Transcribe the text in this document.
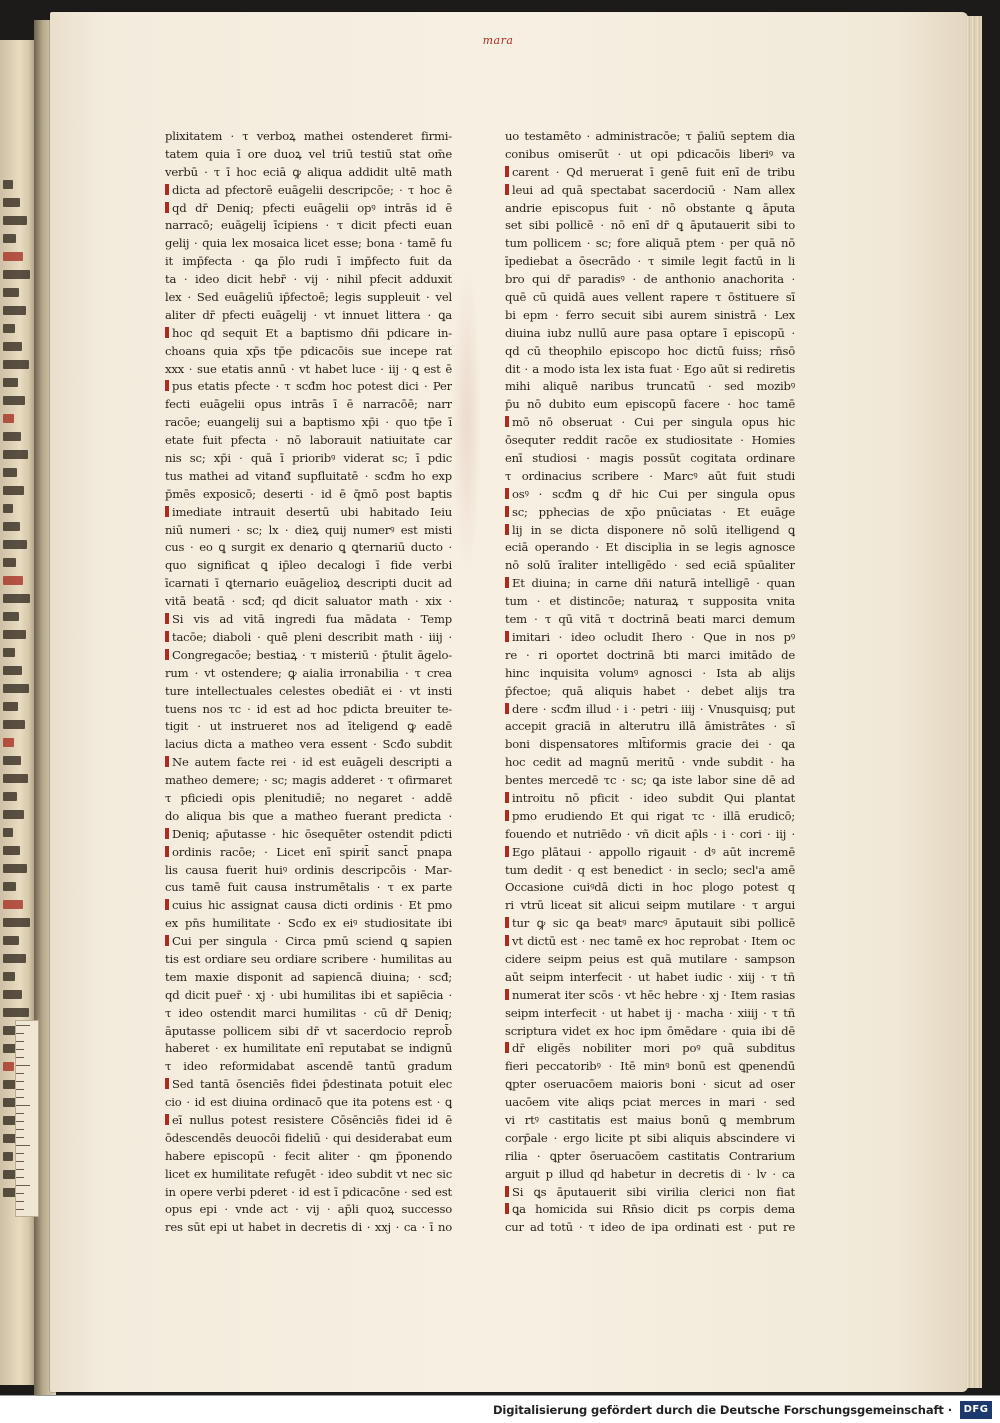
mara
plixitatem · τ verboꝝ mathei ostenderet firmi-
tatem quia ī ore duoꝝ vel triū testiū stat om̄e
verbū · τ ī hoc eciā ꝙ aliqua addidit ultē math
dicta ad pfectorē euāgelii descripcōe; · τ hoc ē
qd dr̄ Deniq; pfecti euāgelii opꝰ intrās id ē
narracō; euāgelij īcipiens · τ dicit pfecti euan
gelij · quia lex mosaica licet esse; bona · tamē fu
it imp̄fecta · ꝗa p̄lo rudi ī imp̄fecto fuit da
ta · ideo dicit hebr̄ · vij · nihil pfecit adduxit
lex · Sed euāgeliū ip̄fectoē; legis suppleuit · vel
aliter dr̄ pfecti euāgelij · vt innuet littera · ꝗa
hoc qd sequit Et a baptismo dñi pdicare in-
choans quia xp̄s tp̄e pdicacōis sue incepe rat
xxx · sue etatis annū · vt habet luce · iij · ꝗ est ē
pus etatis pfecte · τ scđm hoc potest dici · Per
fecti euāgelii opus intrās ī ē narracōē; narr
racōe; euangelij sui a baptismo xp̄i · quo tp̄e ī
etate fuit pfecta · nō laborauit natiuitate car
nis sc; xp̄i · quā ī prioribꝰ viderat sc; ī pdic
tus mathei ad vitanđ supfluitatē · scđm ho exp
p̄mēs exposicō; deserti · id ē q̄mō post baptis
imediate intrauit desertū ubi habitado Ieiu
niū numeri · sc; lx · dieꝝ quij numerꝰ est misti
cus · eo ꝗ surgit ex denario ꝗ ꝗternariū ducto ·
quo significat ꝗ ip̄leo decalogi ī fide verbi
īcarnati ī ꝗternario euāgelioꝝ descripti ducit ad
vitā beatā · scđ; qd dicit saluator math · xix ·
Si vis ad vitā ingredi fua mādata · Temp
tacōe; diaboli · quē pleni describit math · iiij ·
Congregacōe; bestiaꝝ · τ misteriū · p̄tulit āgelo-
rum · vt ostendere; ꝙ aialia irronabilia · τ crea
ture intellectuales celestes obediāt ei · vt insti
tuens nos τc · id est ad hoc pdicta breuiter te-
tigit · ut instrueret nos ad īteligend ꝙ eadē
lacius dicta a matheo vera essent · Scđo subdit
Ne autem facte rei · id est euāgeli descripti a
matheo demere; · sc; magis adderet · τ ofirmaret
τ pficiedi opis plenitudiē; no negaret · addē
do aliqua bis que a matheo fuerant predicta ·
Deniq; ap̄utasse · hic ōsequēter ostendit pdicti
ordinis racōe; · Licet enī spirit̄ sanct̄ pnapa
lis causa fuerit huiꝰ ordinis descripcōis · Mar-
cus tamē fuit causa instrumētalis · τ ex parte
cuius hic assignat causa dicti ordinis · Et pmo
ex pn̄s humilitate · Scđo ex eiꝰ studiositate ibi
Cui per singula · Circa pmū sciend ꝗ sapien
tis est ordiare seu ordiare scribere · humilitas au
tem maxie disponit ad sapiencā diuina; · scđ;
qd dicit puer̄ · xj · ubi humilitas ibi et sapiēcia ·
τ ideo ostendit marci humilitas · cū dr̄ Deniq;
āputasse pollicem sibi dr̄ vt sacerdocio reprob̄
haberet · ex humilitate enī reputabat se indignū
τ ideo reformidabat ascendē tantū gradum
Sed tantā ōsenciēs fidei p̄destinata potuit elec
cio · id est diuina ordinacō que ita potens est · ꝗ
eī nullus potest resistere Cōsēnciēs fidei id ē
ōdescendēs deuocōi fideliū · qui desiderabat eum
habere episcopū · fecit aliter · ꝗm p̄ponendo
licet ex humilitate refugēt · ideo subdit vt nec sic
in opere verbi pderet · id est ī pdicacōne · sed est
opus epi · vnde act · vij · ap̄li quoꝝ successo
res sūt epi ut habet in decretis di · xxj · ca · ī no
uo testamēto · administracōe; τ p̄aliū septem dia
conibus omiserūt · ut opi pdicacōis liberiꝰ va
carent · Qd meruerat ī genē fuit enī de tribu
leui ad quā spectabat sacerdociū · Nam allex
andrie episcopus fuit · nō obstante ꝗ āputa
set sibi pollicē · nō enī dr̄ ꝗ āputauerit sibi to
tum pollicem · sc; fore aliquā ptem · per quā nō
īpediebat a ōsecrādo · τ simile legit factū in li
bro qui dr̄ paradisꝰ · de anthonio anachorita ·
quē cū quidā aues vellent rapere τ ōstituere sī
bi epm · ferro secuit sibi aurem sinistrā · Lex
diuina iubz nullū aure pasa optare ī episcopū ·
qd cū theophilo episcopo hoc dictū fuiss; rn̄sō
dit · a modo ista lex ista fuat · Ego aūt si rediretis
mihi aliquē naribus truncatū · sed mozibꝰ
p̄u nō dubito eum episcopū facere · hoc tamē
mō nō obseruat · Cui per singula opus hic
ōsequter reddit racōe ex studiositate · Homies
enī studiosi · magis possūt cogitata ordinare
τ ordinacius scribere · Marcꝰ aūt fuit studi
osꝰ · scđm ꝗ dr̄ hic Cui per singula opus
sc; pphecias de xp̄o pnūciatas · Et euāge
lij in se dicta disponere nō solū itelligend ꝗ
eciā operando · Et disciplia in se legis agnosce
nō solū īraliter intelligēdo · sed eciā spūaliter
Et diuina; in carne dñi naturā intelligē · quan
tum · et distincōe; naturaꝝ τ supposita vnita
tem · τ qū vitā τ doctrinā beati marci demum
imitari · ideo ocludit Ihero · Que in nos pꝰ
re · ri oportet doctrinā bti marci imitādo de
hinc inquisita volumꝰ agnosci · Ista ab alijs
p̄fectoe; quā aliquis habet · debet alijs tra
dere · scđm illud · i · petri · iiij · Vnusquisq; put
accepit graciā in alterutru illā āmistrātes · sī
boni dispensatores mlt̄iformis gracie dei · ꝗa
hoc cedit ad magnū meritū · vnde subdit · ha
bentes mercedē τc · sc; ꝗa iste labor sine dē ad
introitu nō pficit · ideo subdit Qui plantat
pmo erudiendo Et qui rigat τc · illā erudicō;
fouendo et nutriēdo · vñ dicit ap̄ls · i · cori · iij ·
Ego plātaui · appollo rigauit · dꝰ aūt incremē
tum dedit · q est benedict · in seclo; secl'a amē
Occasione cuiꝰdā dicti in hoc plogo potest q
ri vtrū liceat sit alicui seipm mutilare · τ argui
tur ꝙ sic ꝗa beatꝰ marcꝰ āputauit sibi pollicē
vt dictū est · nec tamē ex hoc reprobat · Item oc
cidere seipm peius est quā mutilare · sampson
aūt seipm interfecit · ut habet iudic · xiij · τ tñ
numerat iter scōs · vt hēc hebre · xj · Item rasias
seipm interfecit · ut habet ij · macha · xiiij · τ tñ
scriptura videt ex hoc ipm ōmēdare · quia ibi dē
dr̄ eligēs nobiliter mori poꝰ quā subditus
fieri peccatoribꝰ · Itē minꝰ bonū est ꝗpenendū
ꝗpter oseruacōem maioris boni · sicut ad oser
uacōem vite aliqs pciat merces in mari · sed
vi rtꝰ castitatis est maius bonū ꝗ membrum
corp̄ale · ergo licite pt sibi aliquis abscindere vi
rilia · ꝗpter ōseruacōem castitatis Contrarium
arguit p illud qd habetur in decretis di · lv · ca
Si ꝗs āputauerit sibi virilia clerici non fiat
ꝗa homicida sui Rn̄sio dicit ps corpis dema
cur ad totū · τ ideo de ipa ordinati est · put re
Digitalisierung gefördert durch die Deutsche Forschungsgemeinschaft ·	DFG
